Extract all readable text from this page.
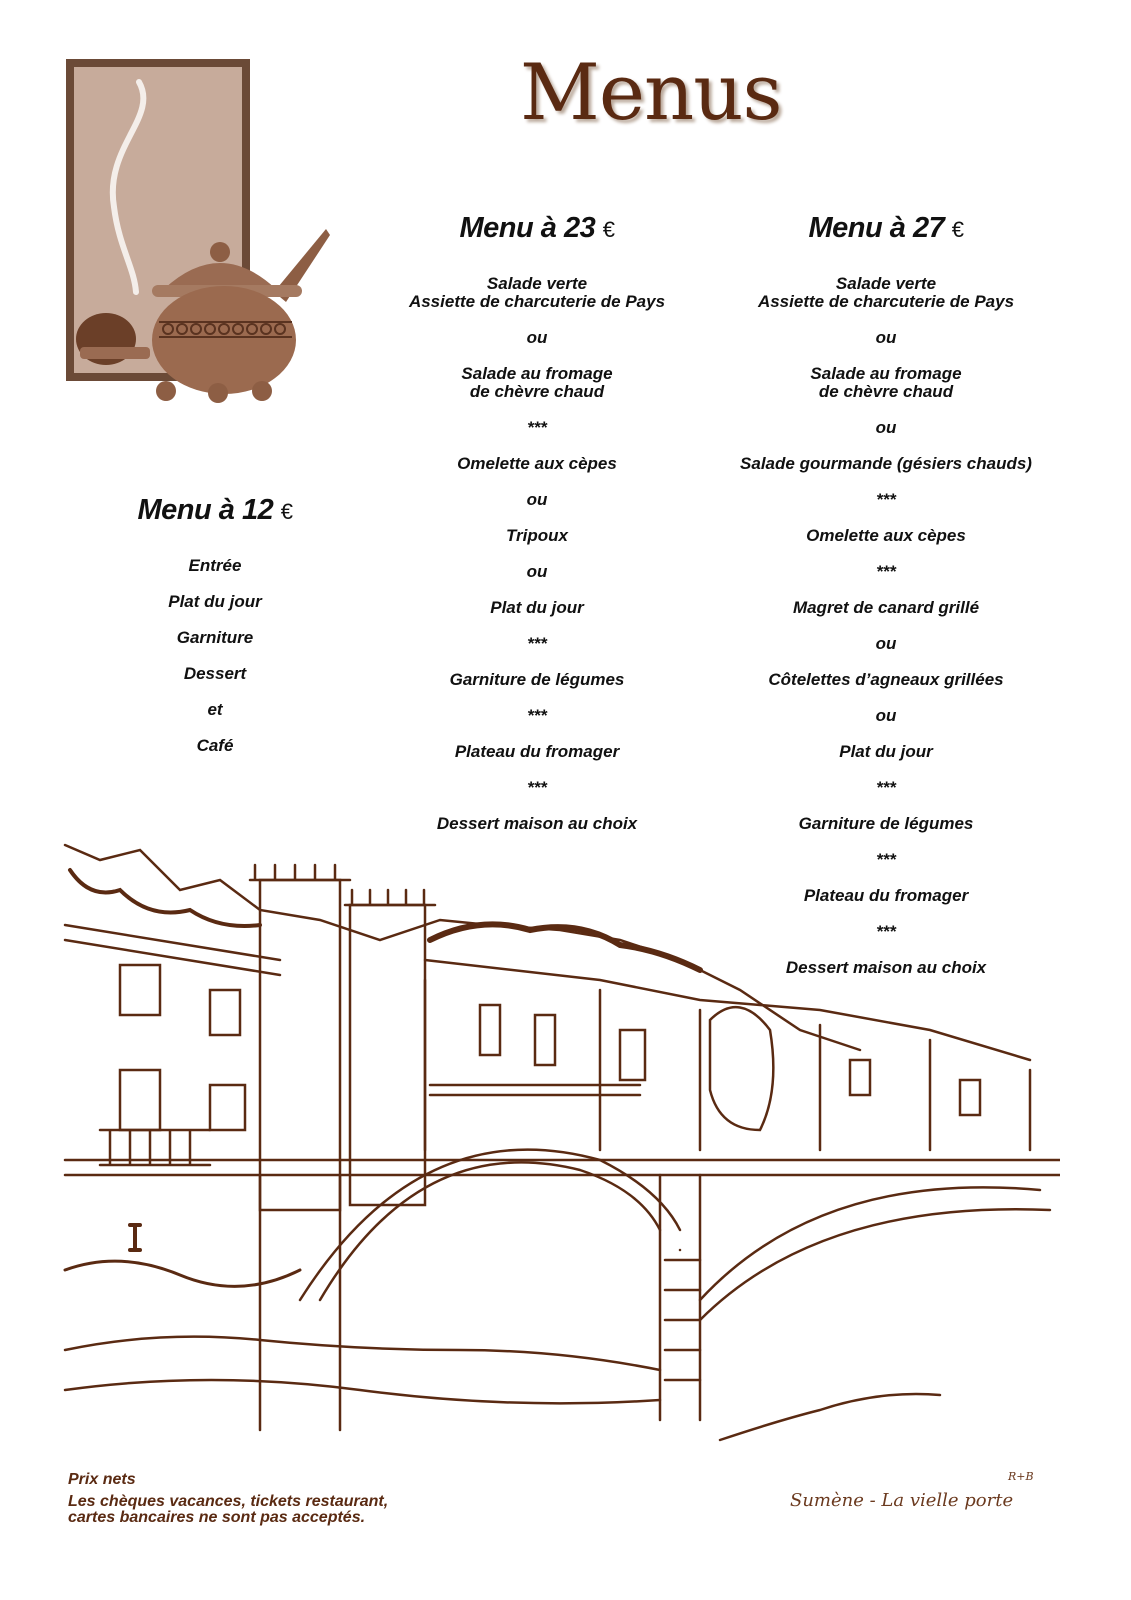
Menus
Menu à 12 €
Entrée
Plat du jour
Garniture
Dessert
et
Café
Menu à 23 €
Salade verte
Assiette de charcuterie de Pays
ou
Salade au fromage
de chèvre chaud
***
Omelette aux cèpes
ou
Tripoux
ou
Plat du jour
***
Garniture de légumes
***
Plateau du fromager
***
Dessert maison au choix
Menu à 27 €
Salade verte
Assiette de charcuterie de Pays
ou
Salade au fromage
de chèvre chaud
ou
Salade gourmande (gésiers chauds)
***
Omelette aux cèpes
***
Magret de canard grillé
ou
Côtelettes d’agneaux grillées
ou
Plat du jour
***
Garniture de légumes
***
Plateau du fromager
***
Dessert maison au choix
R+B
Sumène - La vielle porte
Prix nets
Les chèques vacances, tickets restaurant,
cartes bancaires ne sont pas acceptés.
